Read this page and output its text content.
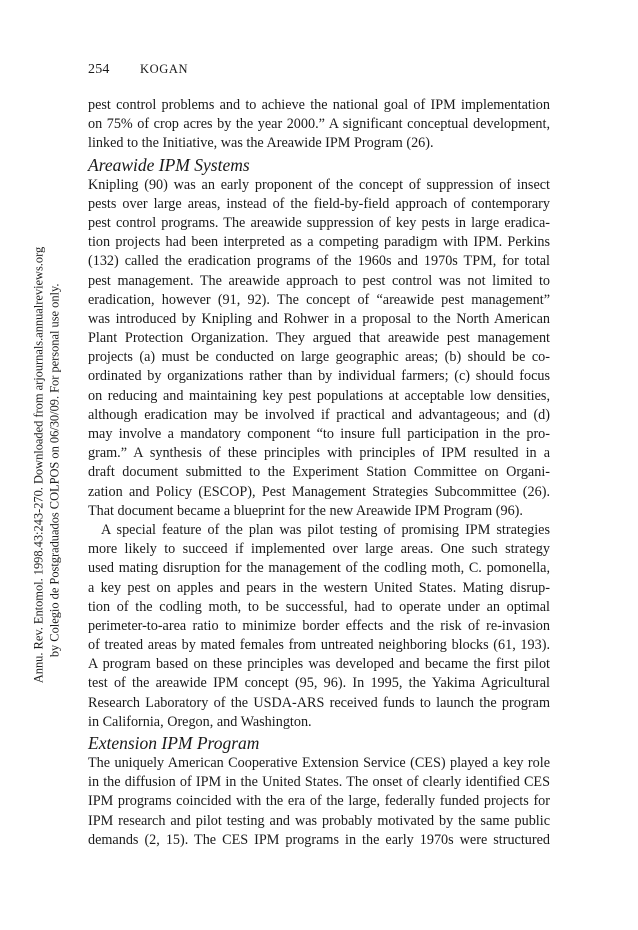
Annu. Rev. Entomol. 1998.43:243-270. Downloaded from arjournals.annualreviews.org by Colegio de Postgraduados COLPOS on 06/30/09. For personal use only.
254 KOGAN
pest control problems and to achieve the national goal of IPM implementation
on 75% of crop acres by the year 2000.” A significant conceptual development,
linked to the Initiative, was the Areawide IPM Program (26).
Areawide IPM Systems
Knipling (90) was an early proponent of the concept of suppression of insect
pests over large areas, instead of the field-by-field approach of contemporary
pest control programs. The areawide suppression of key pests in large eradica-
tion projects had been interpreted as a competing paradigm with IPM. Perkins
(132) called the eradication programs of the 1960s and 1970s TPM, for total
pest management. The areawide approach to pest control was not limited to
eradication, however (91, 92). The concept of “areawide pest management”
was introduced by Knipling and Rohwer in a proposal to the North American
Plant Protection Organization. They argued that areawide pest management
projects (a) must be conducted on large geographic areas; (b) should be co-
ordinated by organizations rather than by individual farmers; (c) should focus
on reducing and maintaining key pest populations at acceptable low densities,
although eradication may be involved if practical and advantageous; and (d)
may involve a mandatory component “to insure full participation in the pro-
gram.” A synthesis of these principles with principles of IPM resulted in a
draft document submitted to the Experiment Station Committee on Organi-
zation and Policy (ESCOP), Pest Management Strategies Subcommittee (26).
That document became a blueprint for the new Areawide IPM Program (96).
A special feature of the plan was pilot testing of promising IPM strategies
more likely to succeed if implemented over large areas. One such strategy
used mating disruption for the management of the codling moth, C. pomonella,
a key pest on apples and pears in the western United States. Mating disrup-
tion of the codling moth, to be successful, had to operate under an optimal
perimeter-to-area ratio to minimize border effects and the risk of re-invasion
of treated areas by mated females from untreated neighboring blocks (61, 193).
A program based on these principles was developed and became the first pilot
test of the areawide IPM concept (95, 96). In 1995, the Yakima Agricultural
Research Laboratory of the USDA-ARS received funds to launch the program
in California, Oregon, and Washington.
Extension IPM Program
The uniquely American Cooperative Extension Service (CES) played a key role
in the diffusion of IPM in the United States. The onset of clearly identified CES
IPM programs coincided with the era of the large, federally funded projects for
IPM research and pilot testing and was probably motivated by the same public
demands (2, 15). The CES IPM programs in the early 1970s were structured
